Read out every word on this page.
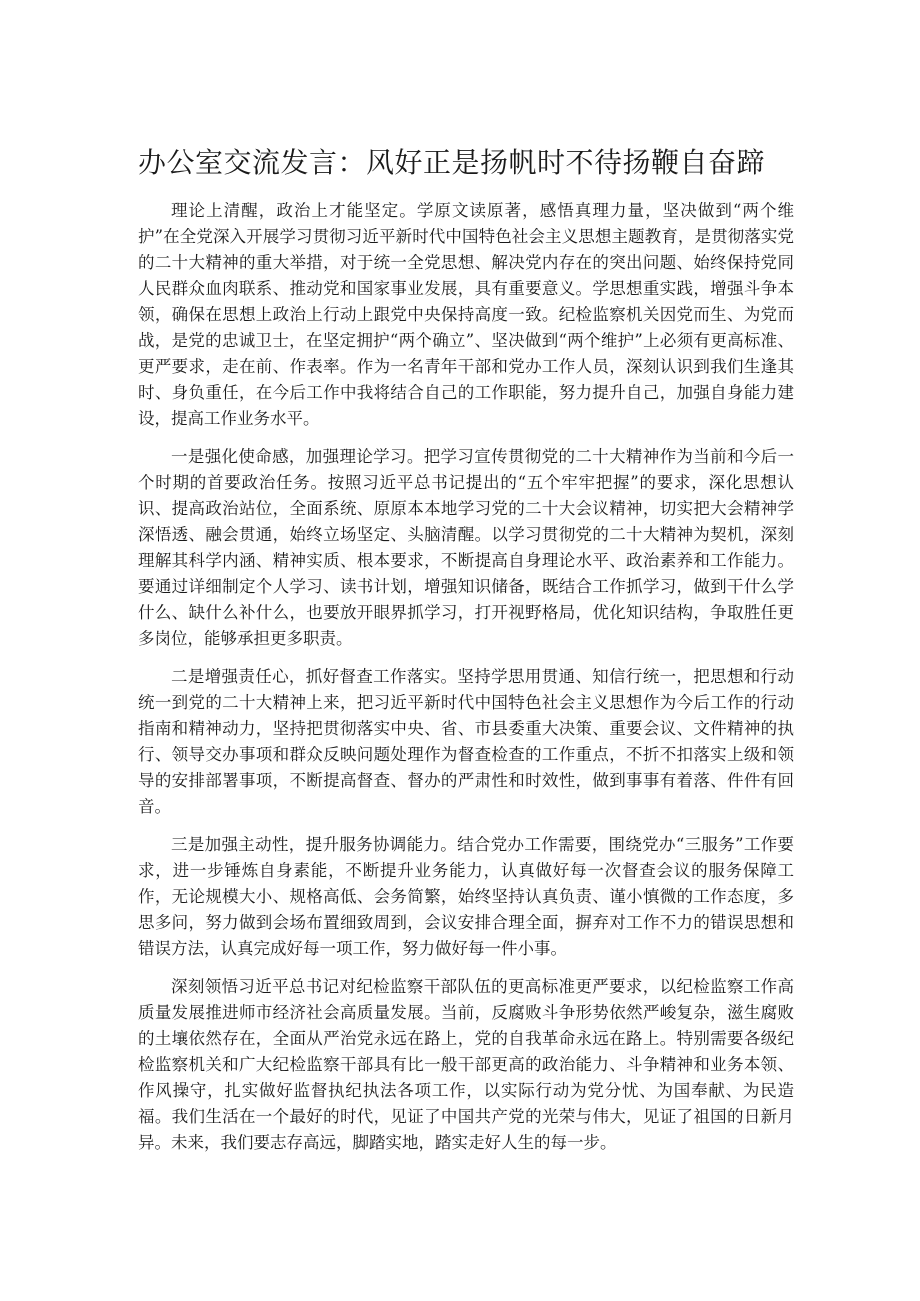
办公室交流发言：风好正是扬帆时不待扬鞭自奋蹄

理论上清醒，政治上才能坚定。学原文读原著，感悟真理力量，坚决做到“两个维护”在全党深入开展学习贯彻习近平新时代中国特色社会主义思想主题教育，是贯彻落实党的二十大精神的重大举措，对于统一全党思想、解决党内存在的突出问题、始终保持党同人民群众血肉联系、推动党和国家事业发展，具有重要意义。学思想重实践，增强斗争本领，确保在思想上政治上行动上跟党中央保持高度一致。纪检监察机关因党而生、为党而战，是党的忠诚卫士，在坚定拥护“两个确立”、坚决做到“两个维护”上必须有更高标准、更严要求，走在前、作表率。作为一名青年干部和党办工作人员，深刻认识到我们生逢其时、身负重任，在今后工作中我将结合自己的工作职能，努力提升自己，加强自身能力建设，提高工作业务水平。

一是强化使命感，加强理论学习。把学习宣传贯彻党的二十大精神作为当前和今后一个时期的首要政治任务。按照习近平总书记提出的“五个牢牢把握”的要求，深化思想认识、提高政治站位，全面系统、原原本本地学习党的二十大会议精神，切实把大会精神学深悟透、融会贯通，始终立场坚定、头脑清醒。以学习贯彻党的二十大精神为契机，深刻理解其科学内涵、精神实质、根本要求，不断提高自身理论水平、政治素养和工作能力。要通过详细制定个人学习、读书计划，增强知识储备，既结合工作抓学习，做到干什么学什么、缺什么补什么，也要放开眼界抓学习，打开视野格局，优化知识结构，争取胜任更多岗位，能够承担更多职责。

二是增强责任心，抓好督查工作落实。坚持学思用贯通、知信行统一，把思想和行动统一到党的二十大精神上来，把习近平新时代中国特色社会主义思想作为今后工作的行动指南和精神动力，坚持把贯彻落实中央、省、市县委重大决策、重要会议、文件精神的执行、领导交办事项和群众反映问题处理作为督查检查的工作重点，不折不扣落实上级和领导的安排部署事项，不断提高督查、督办的严肃性和时效性，做到事事有着落、件件有回音。

三是加强主动性，提升服务协调能力。结合党办工作需要，围绕党办“三服务”工作要求，进一步锤炼自身素能，不断提升业务能力，认真做好每一次督查会议的服务保障工作，无论规模大小、规格高低、会务简繁，始终坚持认真负责、谨小慎微的工作态度，多思多问，努力做到会场布置细致周到，会议安排合理全面，摒弃对工作不力的错误思想和错误方法，认真完成好每一项工作，努力做好每一件小事。

深刻领悟习近平总书记对纪检监察干部队伍的更高标准更严要求，以纪检监察工作高质量发展推进师市经济社会高质量发展。当前，反腐败斗争形势依然严峻复杂，滋生腐败的土壤依然存在，全面从严治党永远在路上，党的自我革命永远在路上。特别需要各级纪检监察机关和广大纪检监察干部具有比一般干部更高的政治能力、斗争精神和业务本领、作风操守，扎实做好监督执纪执法各项工作，以实际行动为党分忧、为国奉献、为民造福。我们生活在一个最好的时代，见证了中国共产党的光荣与伟大，见证了祖国的日新月异。未来，我们要志存高远，脚踏实地，踏实走好人生的每一步。
